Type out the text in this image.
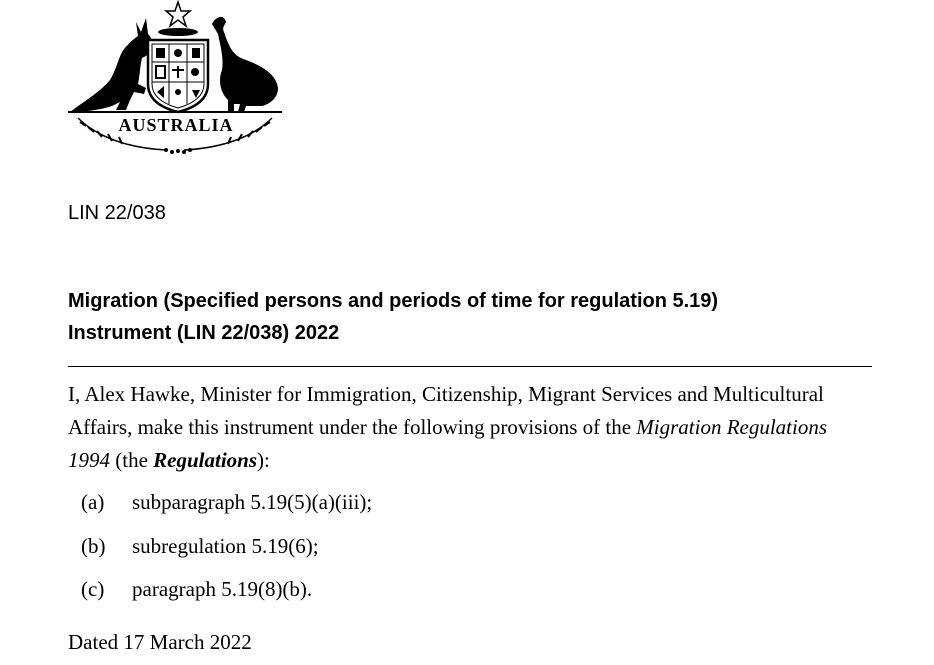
AUSTRALIA
LIN 22/038
Migration (Specified persons and periods of time for regulation 5.19)
Instrument (LIN 22/038) 2022
I, Alex Hawke, Minister for Immigration, Citizenship, Migrant Services and Multicultural Affairs, make this instrument under the following provisions of the Migration Regulations 1994 (the Regulations):
(a) subparagraph 5.19(5)(a)(iii);
(b) subregulation 5.19(6);
(c) paragraph 5.19(8)(b).
Dated 17 March 2022
